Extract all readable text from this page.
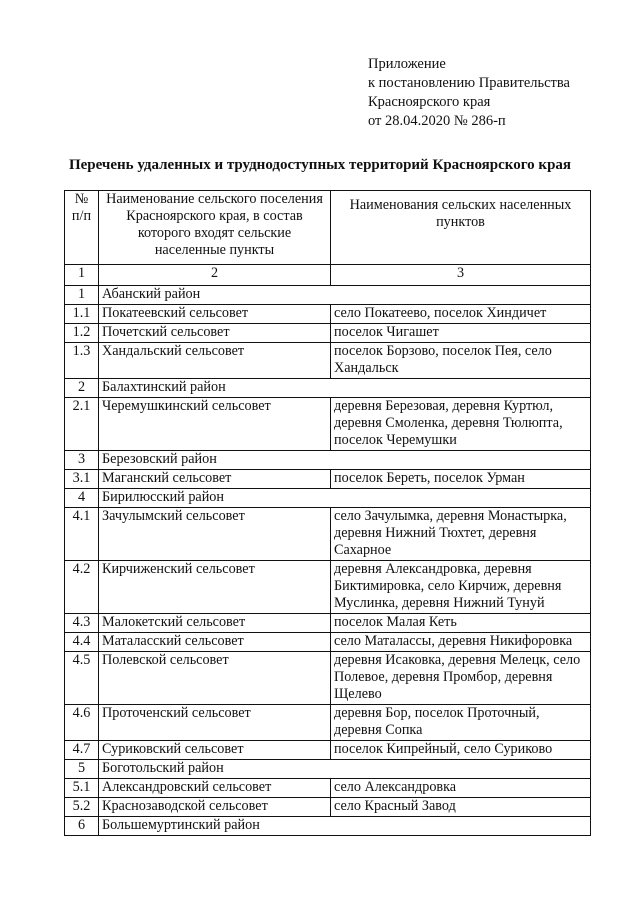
Приложение
к постановлению Правительства
Красноярского края
от 28.04.2020 № 286-п
Перечень удаленных и труднодоступных территорий Красноярского края
№ п/п	Наименование сельского поселения Красноярского края, в состав которого входят сельские населенные пункты	Наименования сельских населенных пунктов
1	2	3
1	Абанский район	
1.1	Покатеевский сельсовет	село Покатеево, поселок Хиндичет
1.2	Почетский сельсовет	поселок Чигашет
1.3	Хандальский сельсовет	поселок Борзово, поселок Пея, село Хандальск
2	Балахтинский район	
2.1	Черемушкинский сельсовет	деревня Березовая, деревня Куртюл, деревня Смоленка, деревня Тюлюпта, поселок Черемушки
3	Березовский район	
3.1	Маганский сельсовет	поселок Береть, поселок Урман
4	Бирилюсский район	
4.1	Зачулымский сельсовет	село Зачулымка, деревня Монастырка, деревня Нижний Тюхтет, деревня Сахарное
4.2	Кирчиженский сельсовет	деревня Александровка, деревня Биктимировка, село Кирчиж, деревня Муслинка, деревня Нижний Тунуй
4.3	Малокетский сельсовет	поселок Малая Кеть
4.4	Маталасский сельсовет	село Маталассы, деревня Никифоровка
4.5	Полевской сельсовет	деревня Исаковка, деревня Мелецк, село Полевое, деревня Промбор, деревня Щелево
4.6	Проточенский сельсовет	деревня Бор, поселок Проточный, деревня Сопка
4.7	Суриковский сельсовет	поселок Кипрейный, село Суриково
5	Боготольский район	
5.1	Александровский сельсовет	село Александровка
5.2	Краснозаводской сельсовет	село Красный Завод
6	Большемуртинский район	
